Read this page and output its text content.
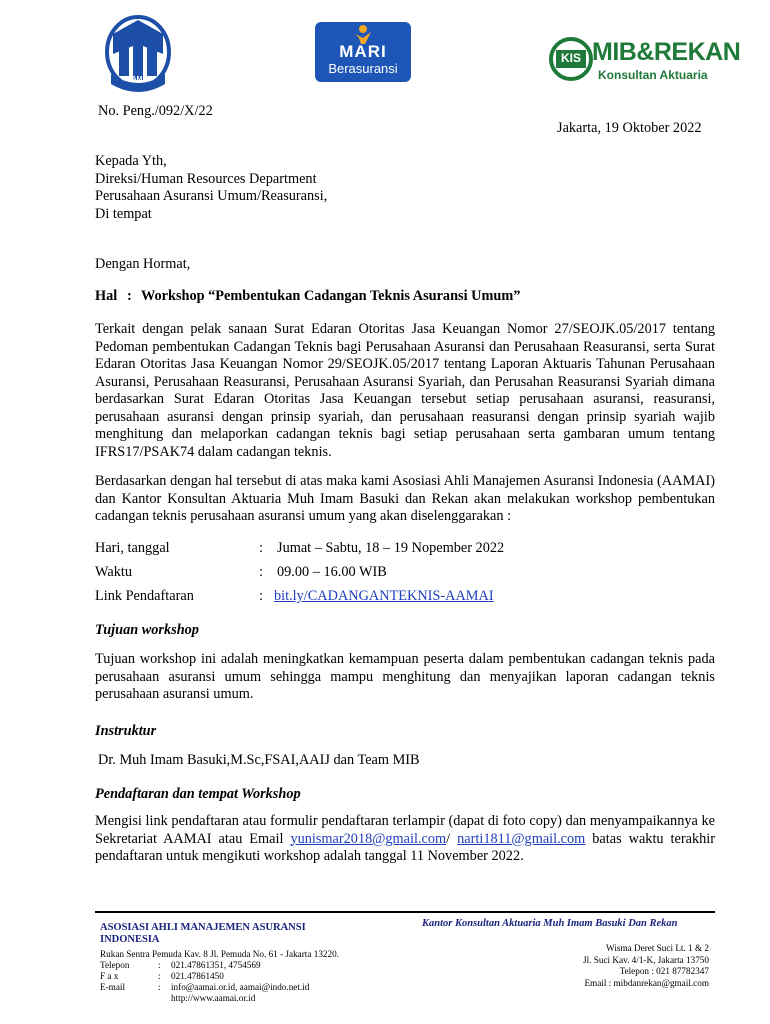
AAMAI
MARI
Berasuransi
KIS MIB&REKAN
Konsultan Aktuaria
No. Peng./092/X/22
Jakarta, 19 Oktober 2022
Kepada Yth,
Direksi/Human Resources Department
Perusahaan Asuransi Umum/Reasuransi,
Di tempat
Dengan Hormat,
Hal : Workshop “Pembentukan Cadangan Teknis Asuransi Umum”
Terkait dengan pelak sanaan Surat Edaran Otoritas Jasa Keuangan Nomor 27/SEOJK.05/2017 tentang Pedoman pembentukan Cadangan Teknis bagi Perusahaan Asuransi dan Perusahaan Reasuransi, serta Surat Edaran Otoritas Jasa Keuangan Nomor 29/SEOJK.05/2017 tentang Laporan Aktuaris Tahunan Perusahaan Asuransi, Perusahaan Reasuransi, Perusahaan Asuransi Syariah, dan Perusahan Reasuransi Syariah dimana berdasarkan Surat Edaran Otoritas Jasa Keuangan tersebut setiap perusahaan asuransi, reasuransi, perusahaan asuransi dengan prinsip syariah, dan perusahaan reasuransi dengan prinsip syariah wajib menghitung dan melaporkan cadangan teknis bagi setiap perusahaan serta gambaran umum tentang IFRS17/PSAK74 dalam cadangan teknis.
Berdasarkan dengan hal tersebut di atas maka kami Asosiasi Ahli Manajemen Asuransi Indonesia (AAMAI) dan Kantor Konsultan Aktuaria Muh Imam Basuki dan Rekan akan melakukan workshop pembentukan cadangan teknis perusahaan asuransi umum yang akan diselenggarakan :
Hari, tanggal	: Jumat – Sabtu, 18 – 19 Nopember 2022
Waktu	: 09.00 – 16.00 WIB
Link Pendaftaran	: bit.ly/CADANGANTEKNIS-AAMAI
Tujuan workshop
Tujuan workshop ini adalah meningkatkan kemampuan peserta dalam pembentukan cadangan teknis pada perusahaan asuransi umum sehingga mampu menghitung dan menyajikan laporan cadangan teknis perusahaan asuransi umum.
Instruktur
Dr. Muh Imam Basuki,M.Sc,FSAI,AAIJ dan Team MIB
Pendaftaran dan tempat Workshop
Mengisi link pendaftaran atau formulir pendaftaran terlampir (dapat di foto copy) dan menyampaikannya ke Sekretariat AAMAI atau Email yunismar2018@gmail.com/ narti1811@gmail.com batas waktu terakhir pendaftaran untuk mengikuti workshop adalah tanggal 11 November 2022.
ASOSIASI AHLI MANAJEMEN ASURANSI INDONESIA
Rukan Sentra Pemuda Kav. 8 Jl. Pemuda No. 61 - Jakarta 13220.
Telepon	: 021.47861351, 4754569
F a x	: 021.47861450
E-mail	: info@aamai.or.id, aamai@indo.net.id
http://www.aamai.or.id
Kantor Konsultan Aktuaria Muh Imam Basuki Dan Rekan
Wisma Deret Suci Lt. 1 & 2
Jl. Suci Kav. 4/1-K, Jakarta 13750
Telepon : 021 87782347
Email : mibdanrekan@gmail.com
